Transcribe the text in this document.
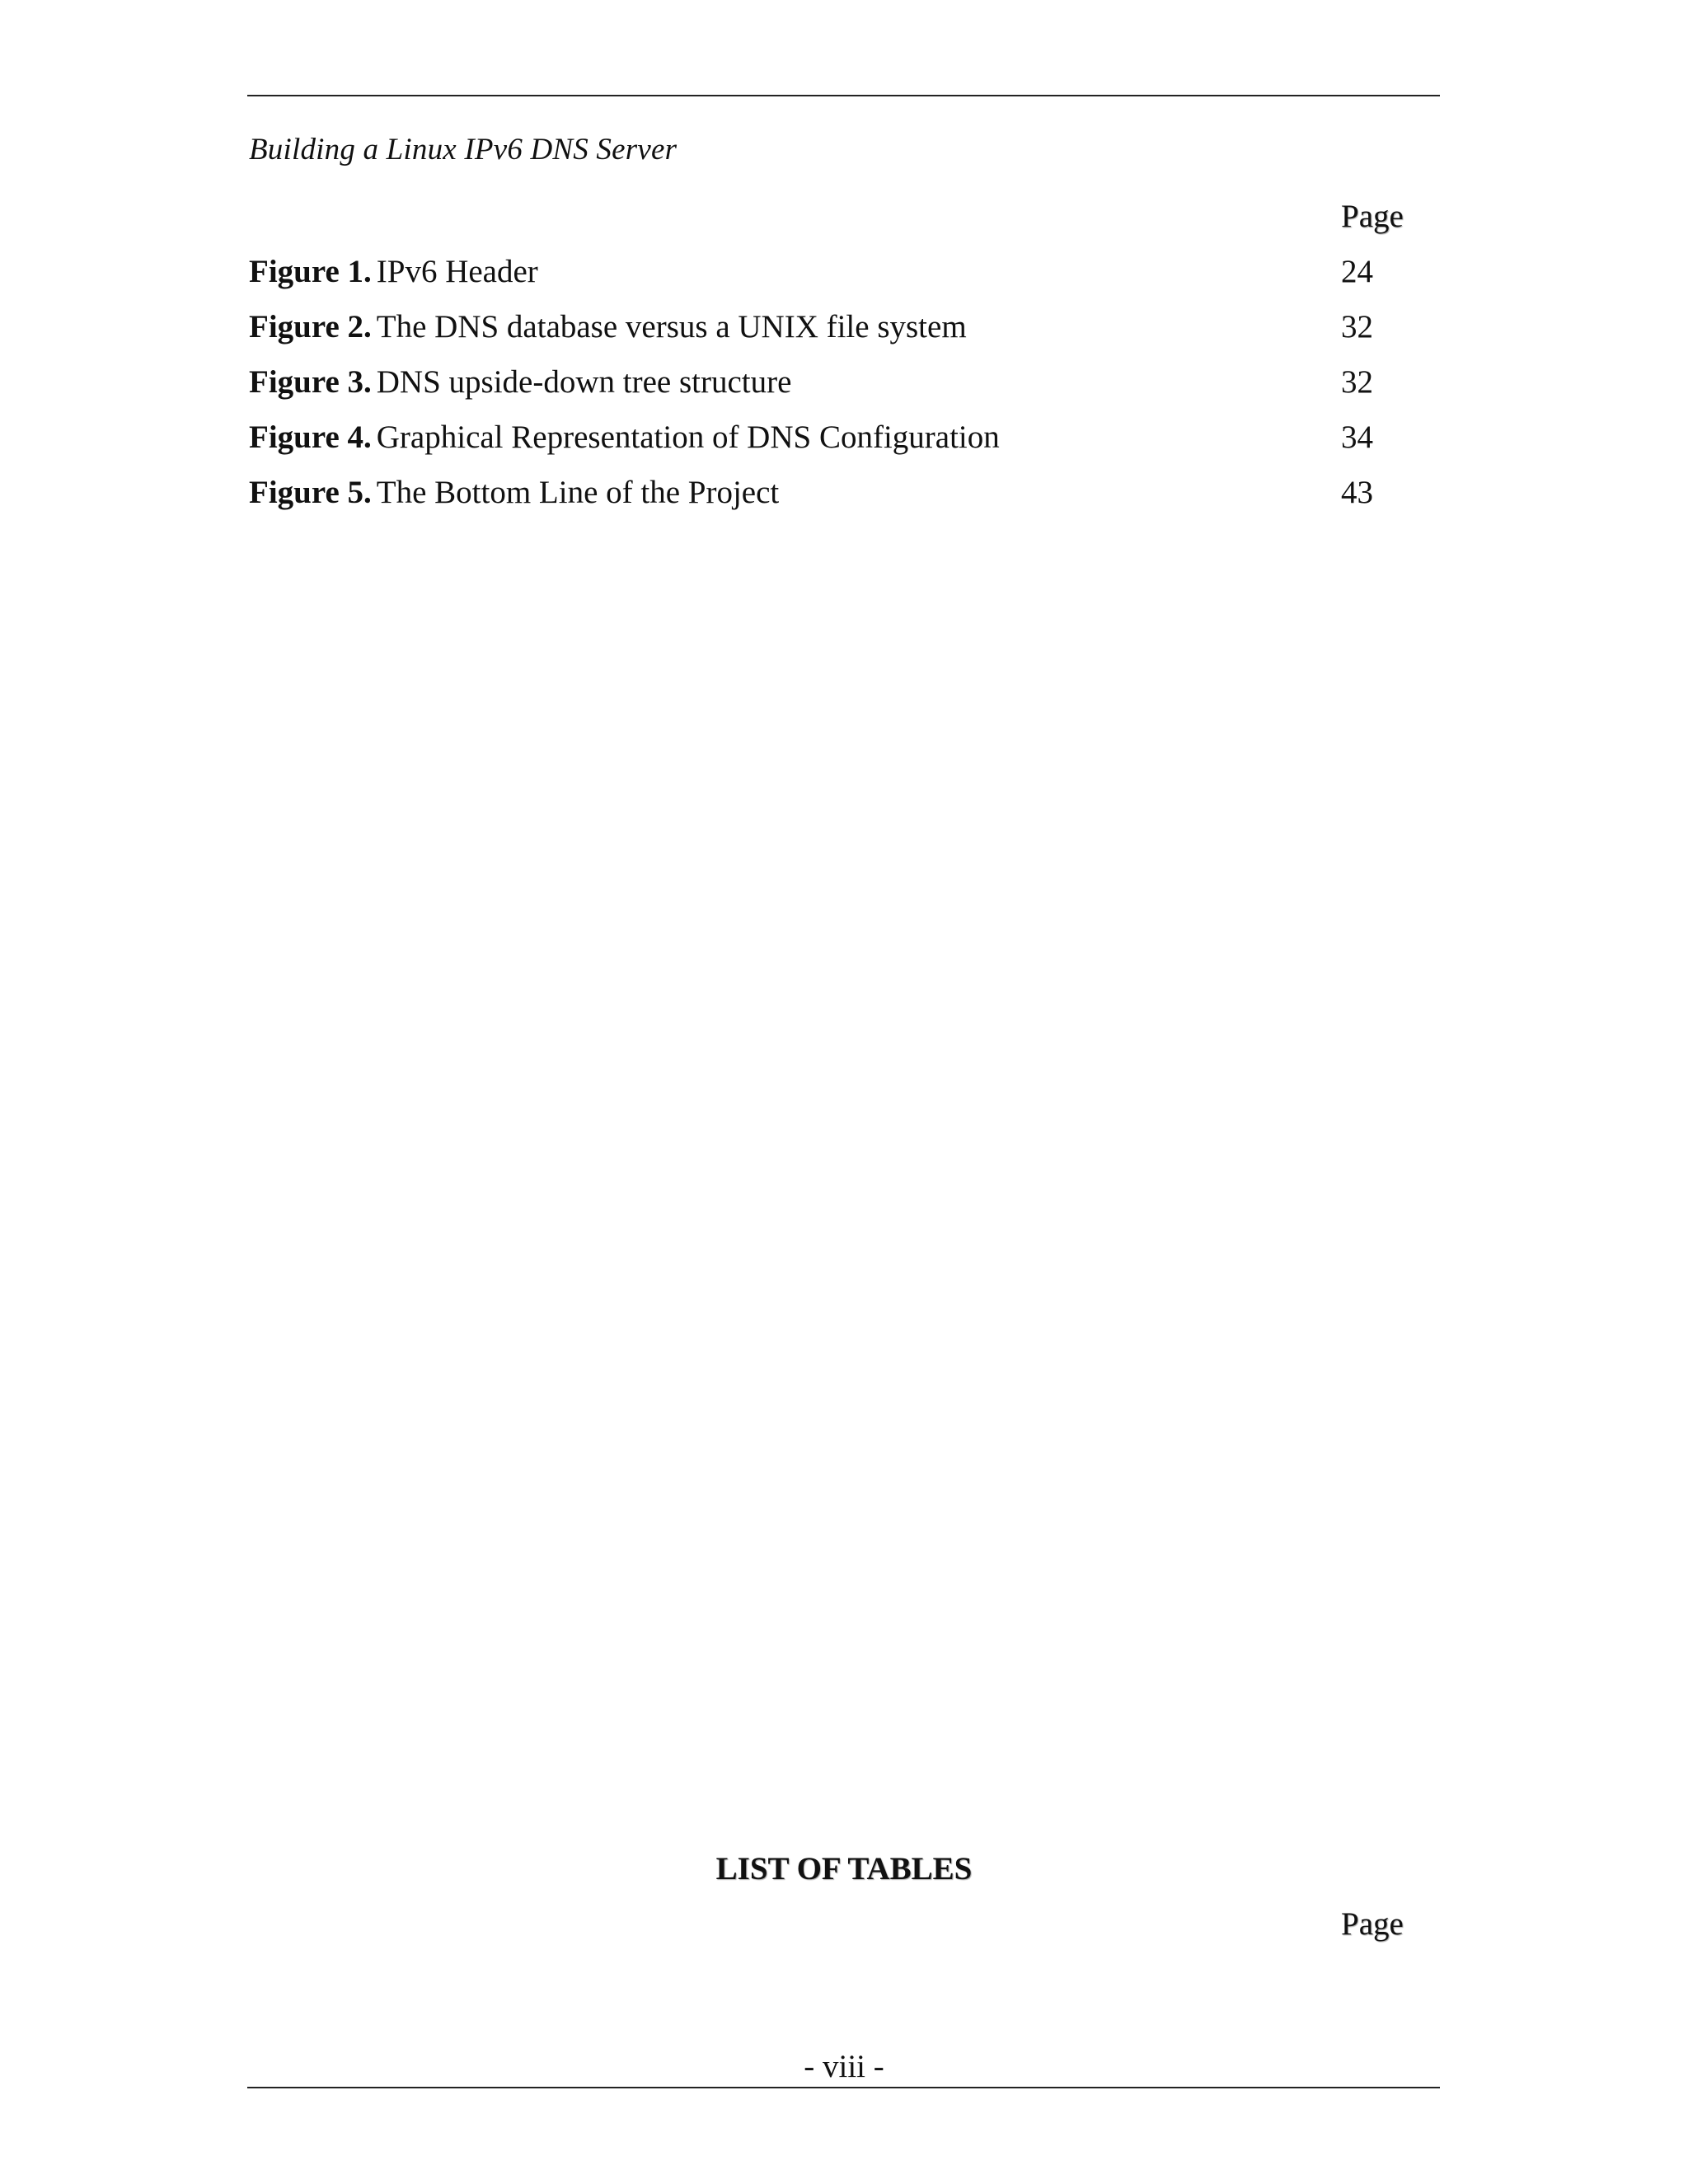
Building a Linux IPv6 DNS Server
Page
Figure 1. IPv6 Header	24
Figure 2. The DNS database versus a UNIX file system	32
Figure 3. DNS upside-down tree structure	32
Figure 4. Graphical Representation of DNS Configuration	34
Figure 5. The Bottom Line of the Project	43
LIST OF TABLES
Page
- viii -
